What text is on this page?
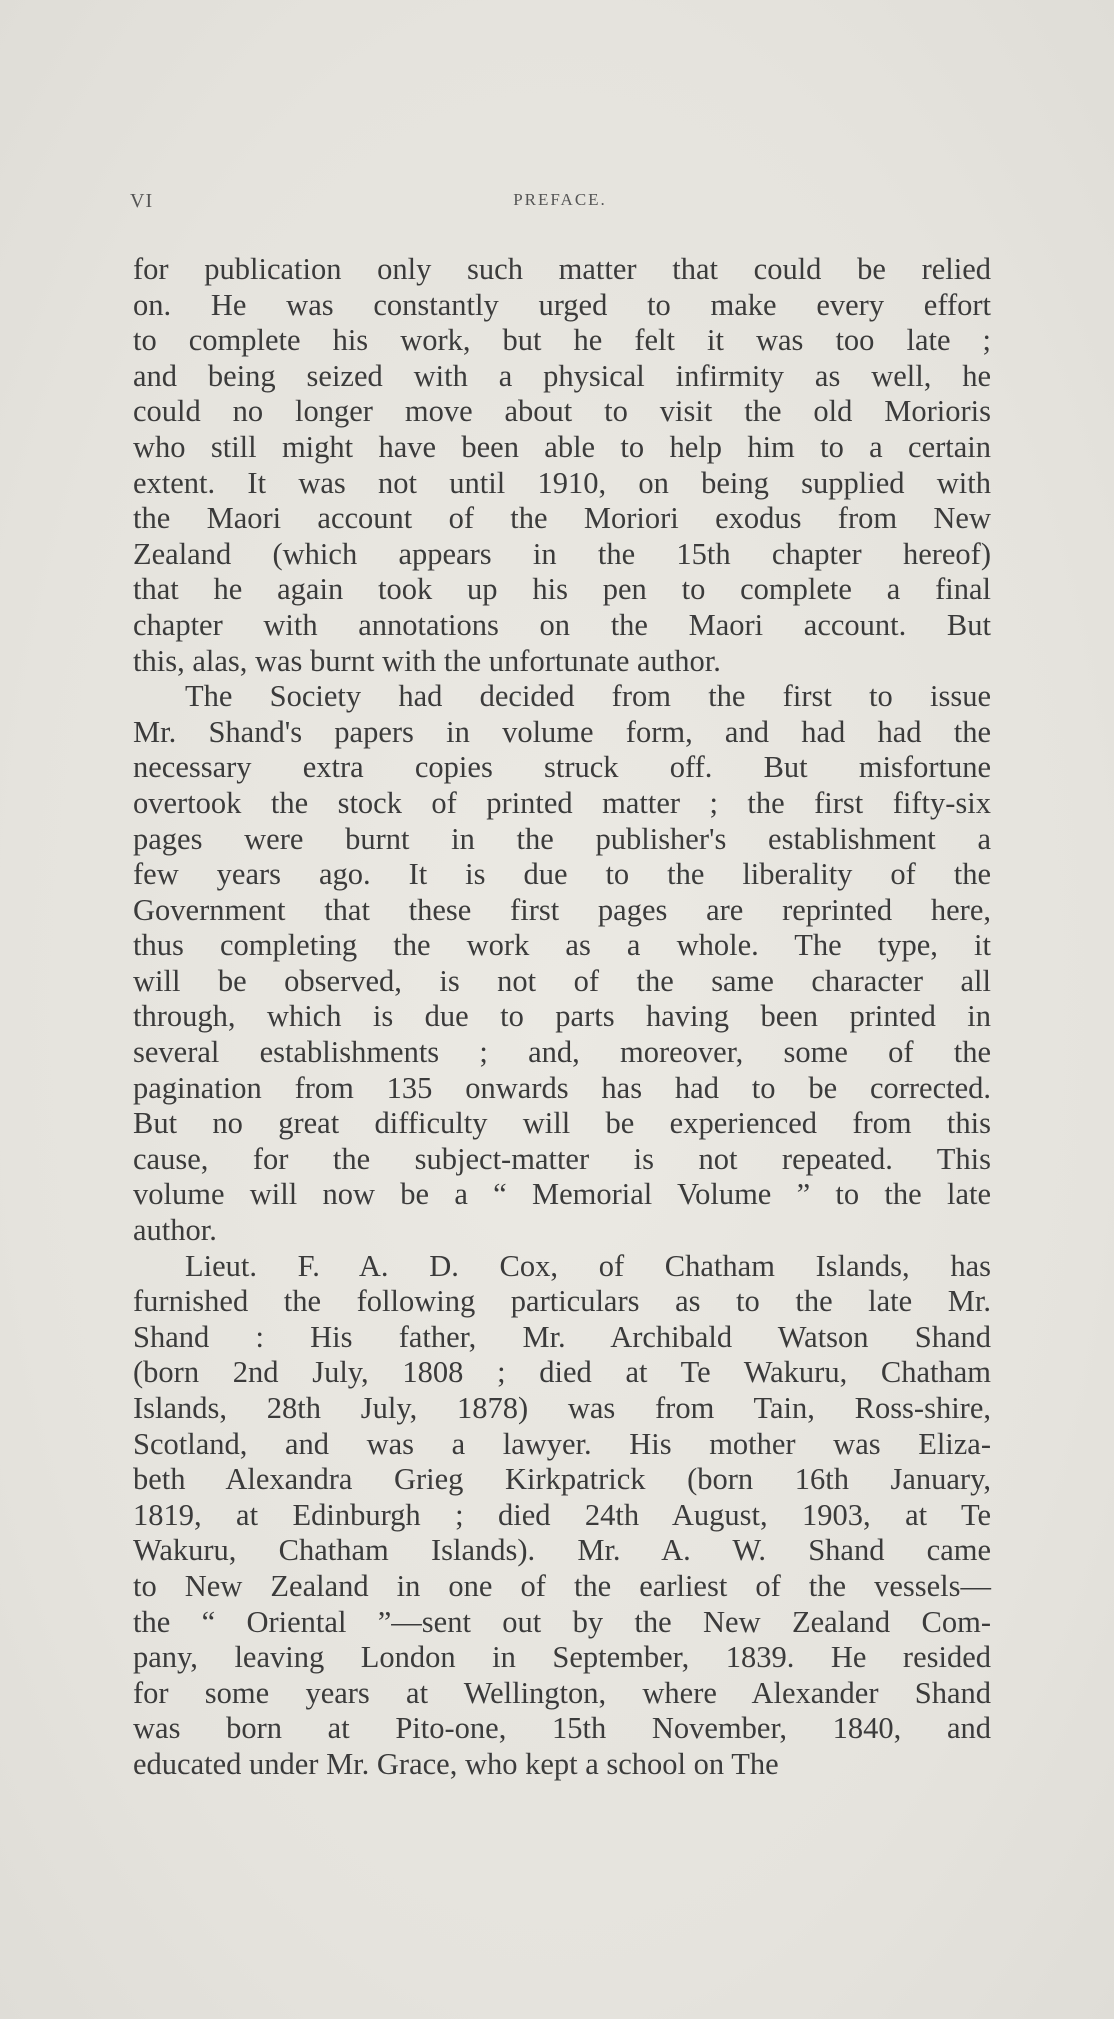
VI	PREFACE.
for publication only such matter that could be relied
on. He was constantly urged to make every effort
to complete his work, but he felt it was too late ;
and being seized with a physical infirmity as well, he
could no longer move about to visit the old Morioris
who still might have been able to help him to a certain
extent. It was not until 1910, on being supplied with
the Maori account of the Moriori exodus from New
Zealand (which appears in the 15th chapter hereof)
that he again took up his pen to complete a final
chapter with annotations on the Maori account. But
this, alas, was burnt with the unfortunate author.
The Society had decided from the first to issue
Mr. Shand's papers in volume form, and had had the
necessary extra copies struck off. But misfortune
overtook the stock of printed matter ; the first fifty-six
pages were burnt in the publisher's establishment a
few years ago. It is due to the liberality of the
Government that these first pages are reprinted here,
thus completing the work as a whole. The type, it
will be observed, is not of the same character all
through, which is due to parts having been printed in
several establishments ; and, moreover, some of the
pagination from 135 onwards has had to be corrected.
But no great difficulty will be experienced from this
cause, for the subject-matter is not repeated. This
volume will now be a “ Memorial Volume ” to the late
author.
Lieut. F. A. D. Cox, of Chatham Islands, has
furnished the following particulars as to the late Mr.
Shand : His father, Mr. Archibald Watson Shand
(born 2nd July, 1808 ; died at Te Wakuru, Chatham
Islands, 28th July, 1878) was from Tain, Ross-shire,
Scotland, and was a lawyer. His mother was Eliza-
beth Alexandra Grieg Kirkpatrick (born 16th January,
1819, at Edinburgh ; died 24th August, 1903, at Te
Wakuru, Chatham Islands). Mr. A. W. Shand came
to New Zealand in one of the earliest of the vessels—
the “ Oriental ”—sent out by the New Zealand Com-
pany, leaving London in September, 1839. He resided
for some years at Wellington, where Alexander Shand
was born at Pito-one, 15th November, 1840, and
educated under Mr. Grace, who kept a school on The
